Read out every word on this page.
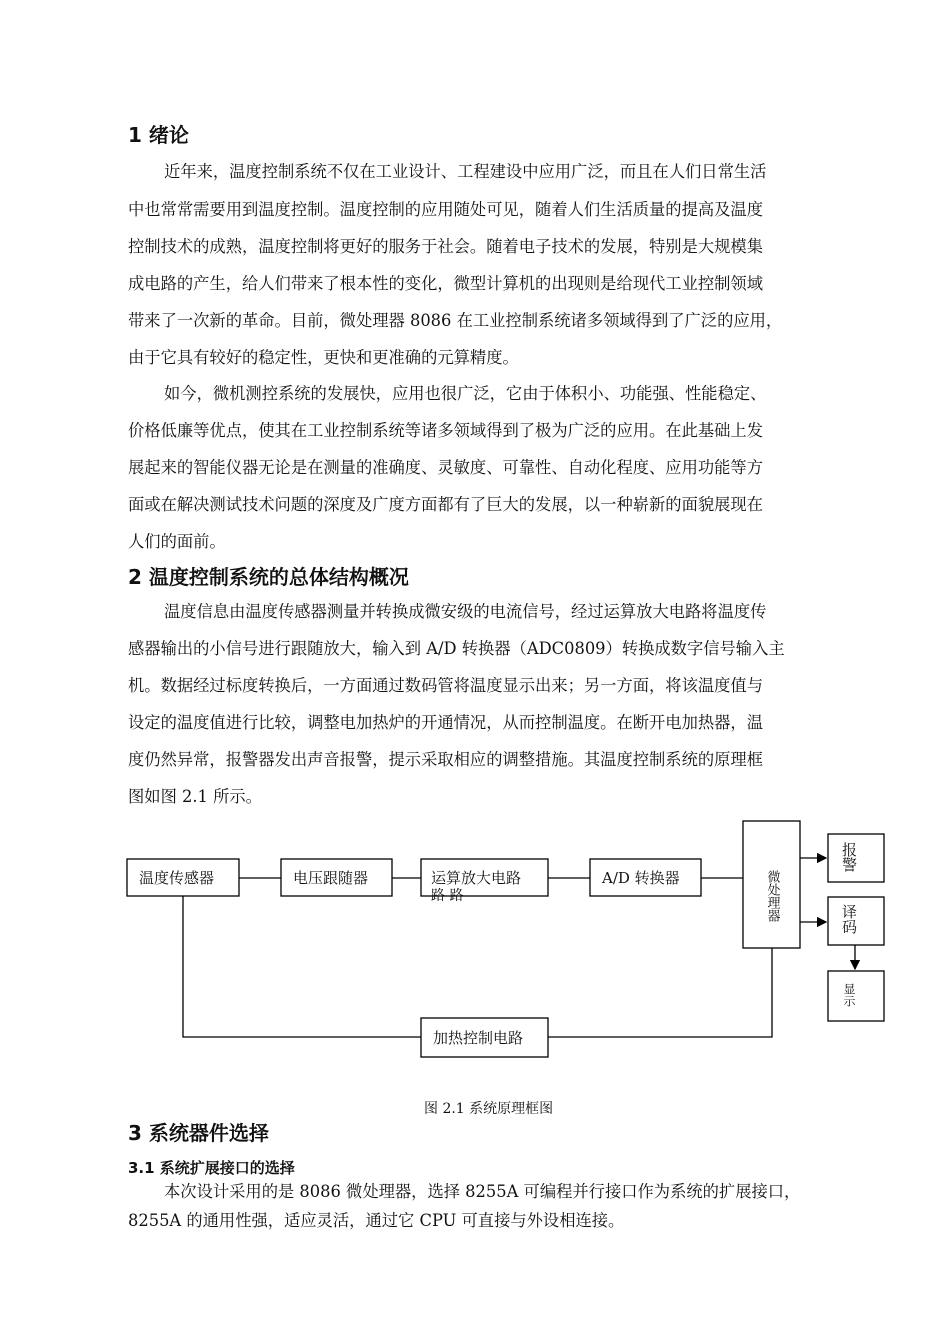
1 绪论
近年来，温度控制系统不仅在工业设计、工程建设中应用广泛，而且在人们日常生活
中也常常需要用到温度控制。温度控制的应用随处可见，随着人们生活质量的提高及温度
控制技术的成熟，温度控制将更好的服务于社会。随着电子技术的发展，特别是大规模集
成电路的产生，给人们带来了根本性的变化，微型计算机的出现则是给现代工业控制领域
带来了一次新的革命。目前，微处理器 8086 在工业控制系统诸多领域得到了广泛的应用，
由于它具有较好的稳定性，更快和更准确的元算精度。
如今，微机测控系统的发展快，应用也很广泛，它由于体积小、功能强、性能稳定、
价格低廉等优点，使其在工业控制系统等诸多领域得到了极为广泛的应用。在此基础上发
展起来的智能仪器无论是在测量的准确度、灵敏度、可靠性、自动化程度、应用功能等方
面或在解决测试技术问题的深度及广度方面都有了巨大的发展，以一种崭新的面貌展现在
人们的面前。
2 温度控制系统的总体结构概况
温度信息由温度传感器测量并转换成微安级的电流信号，经过运算放大电路将温度传
感器输出的小信号进行跟随放大，输入到 A/D 转换器（ADC0809）转换成数字信号输入主
机。数据经过标度转换后，一方面通过数码管将温度显示出来；另一方面，将该温度值与
设定的温度值进行比较，调整电加热炉的开通情况，从而控制温度。在断开电加热器，温
度仍然异常，报警器发出声音报警，提示采取相应的调整措施。其温度控制系统的原理框
图如图 2.1 所示。
温度传感器	电压跟随器	运算放大电路
路 路
A/D 转换器
加热控制电路
微处理器
报警
译码
显示
图 2.1 系统原理框图
3 系统器件选择
3.1 系统扩展接口的选择
本次设计采用的是 8086 微处理器，选择 8255A 可编程并行接口作为系统的扩展接口，
8255A 的通用性强，适应灵活，通过它 CPU 可直接与外设相连接。
